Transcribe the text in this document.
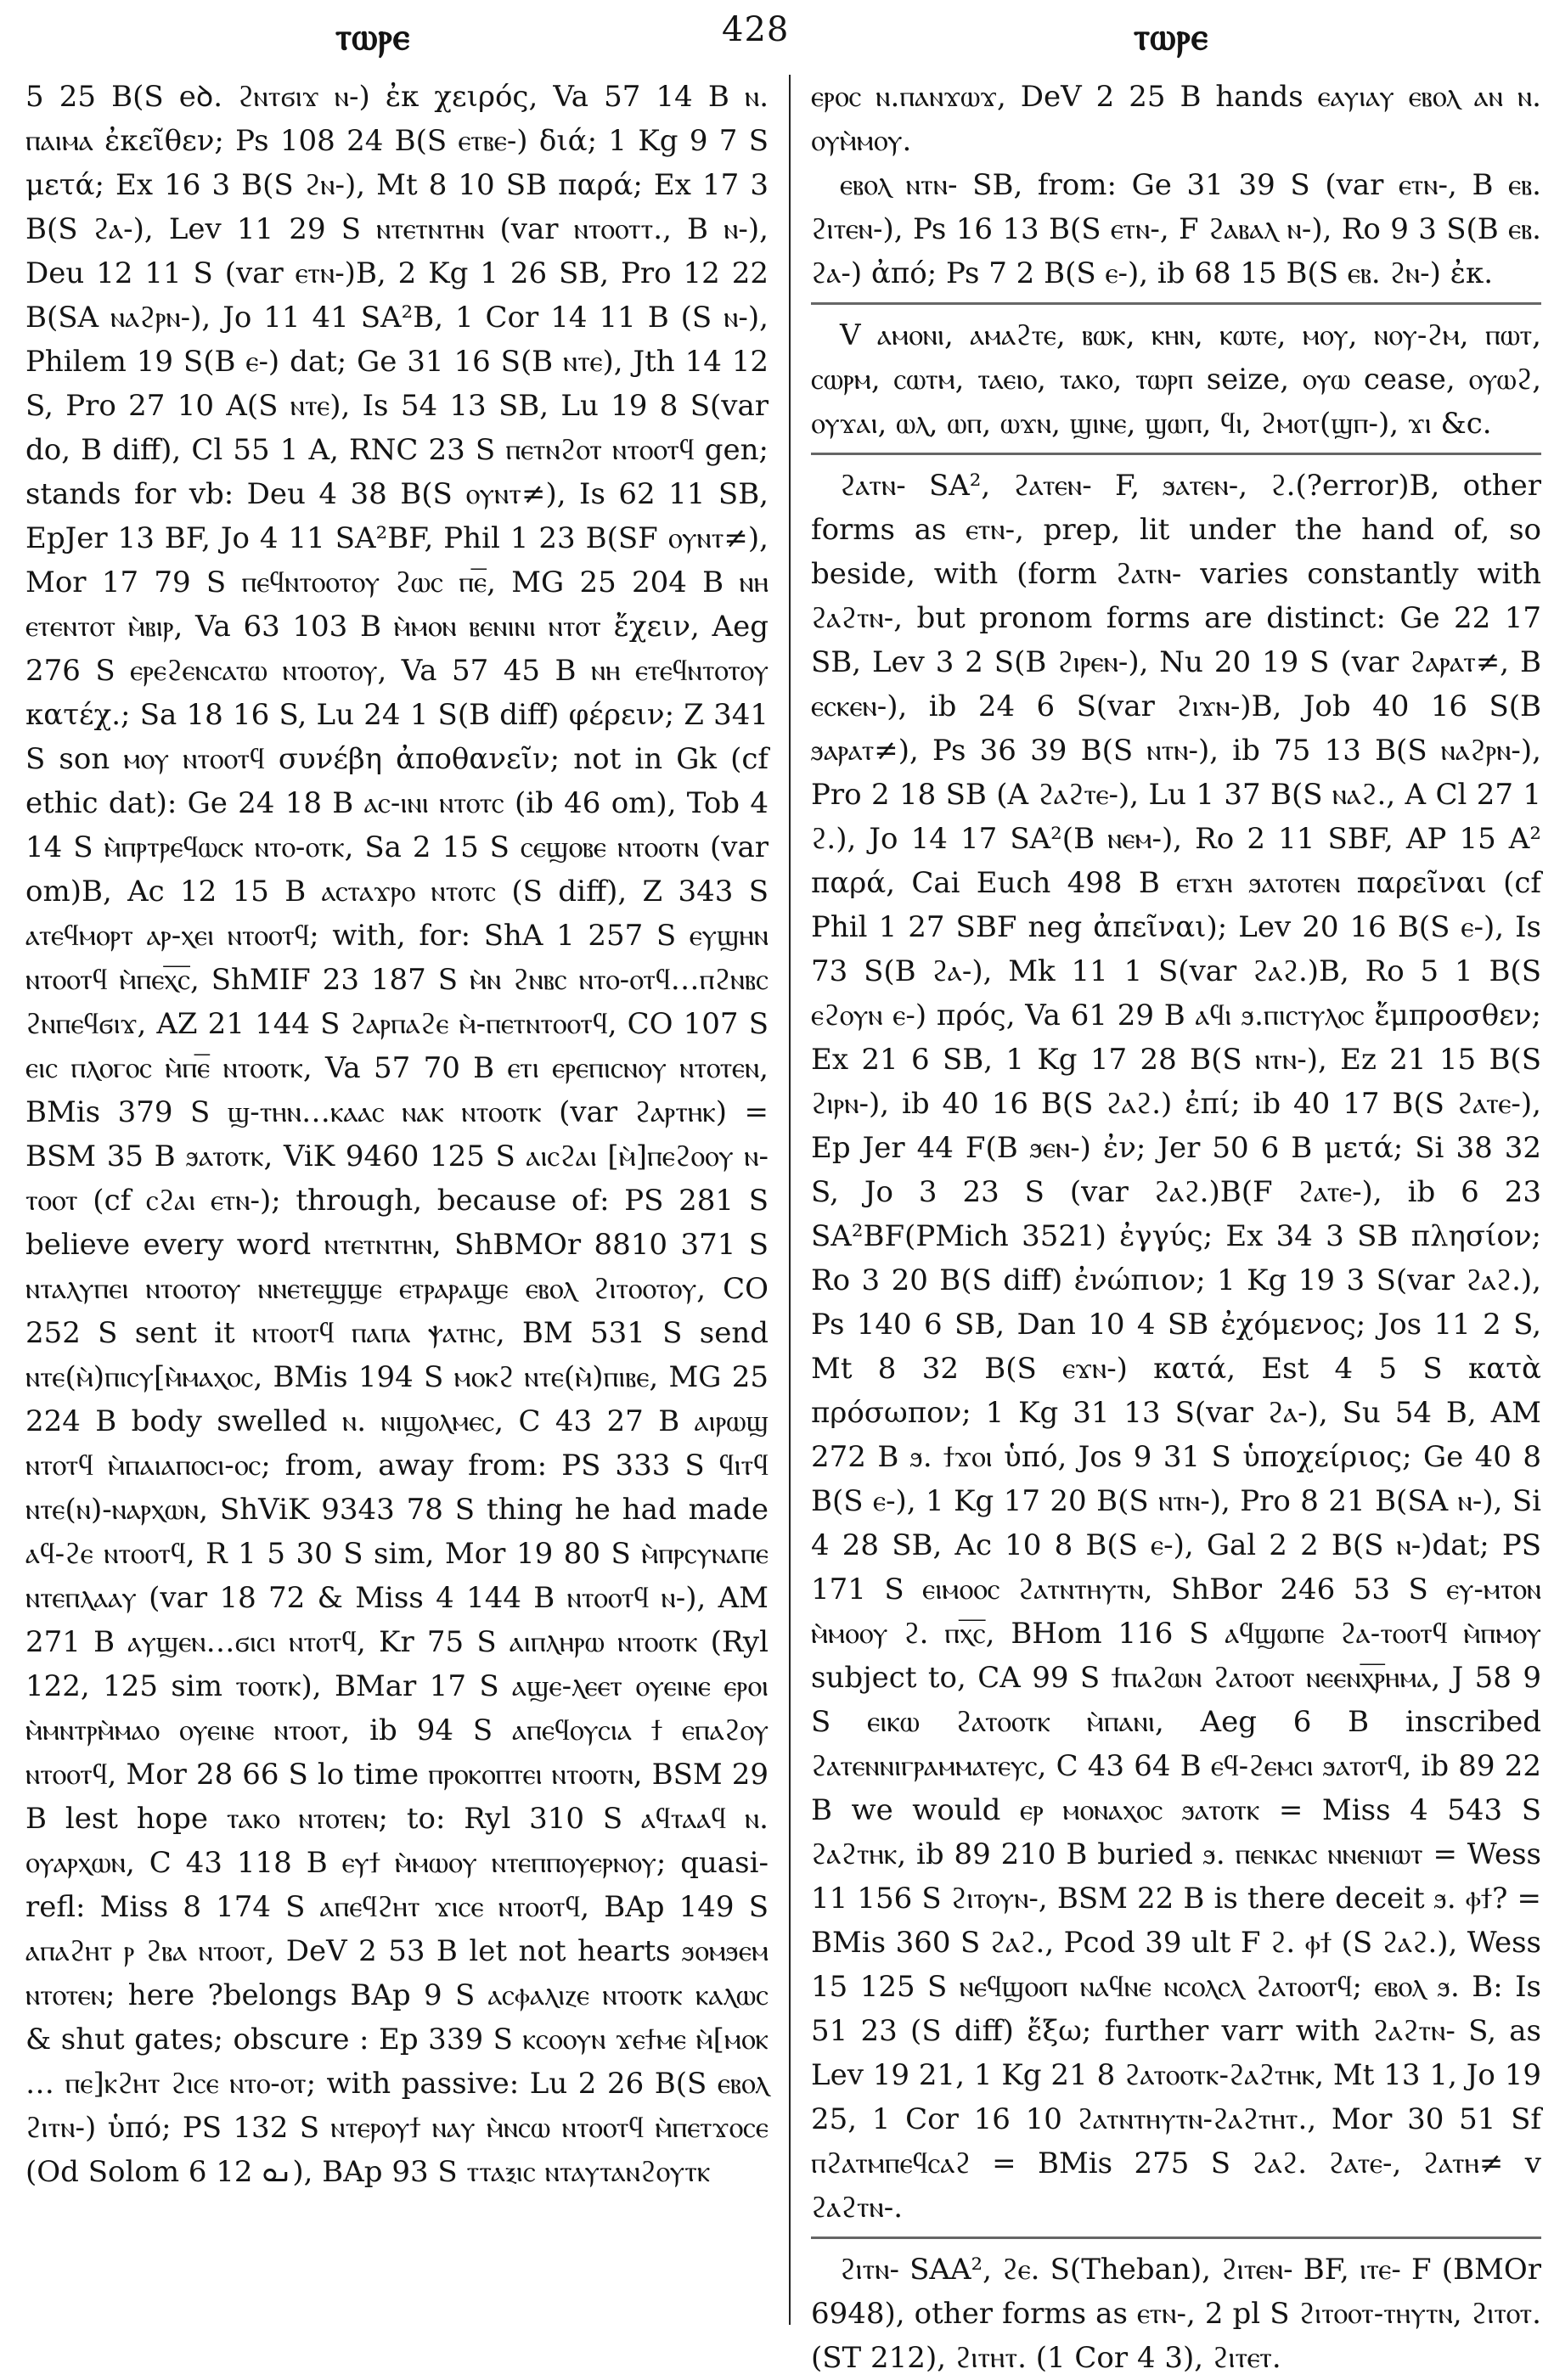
ⲧⲱⲣⲉ	428	ⲧⲱⲣⲉ

5 25 B(S eꝺ. ϩⲛⲧϭⲓϫ ⲛ-) ἐκ χειρός, Va 57 14 B ⲛ. ⲡⲁⲓⲙⲁ ἐκεῖθεν; Ps 108 24 B(S ⲉⲧⲃⲉ-) διά; 1 Kg 9 7 S μετά; Ex 16 3 B(S ϩⲛ-), Mt 8 10 SB παρά; Ex 17 3 B(S ϩⲁ-), Lev 11 29 S ⲛⲧⲉⲧⲛⲧⲏⲛ (var ⲛⲧⲟⲟⲧⲧ., B ⲛ-), Deu 12 11 S (var ⲉⲧⲛ-)B, 2 Kg 1 26 SB, Pro 12 22 B(SA ⲛⲁϩⲣⲛ-), Jo 11 41 SA²B, 1 Cor 14 11 B (S ⲛ-), Philem 19 S(B ⲉ-) dat; Ge 31 16 S(B ⲛⲧⲉ), Jth 14 12 S, Pro 27 10 A(S ⲛⲧⲉ), Is 54 13 SB, Lu 19 8 S(var do, B diff), Cl 55 1 A, RNC 23 S ⲡⲉⲧⲛϩⲟⲧ ⲛⲧⲟⲟⲧϥ gen; stands for vb: Deu 4 38 B(S ⲟⲩⲛⲧ≠), Is 62 11 SB, EpJer 13 BF, Jo 4 11 SA²BF, Phil 1 23 B(SF ⲟⲩⲛⲧ≠), Mor 17 79 S ⲡⲉϥⲛⲧⲟⲟⲧⲟⲩ ϩⲱⲥ ⲡⲉ̅, MG 25 204 B ⲛⲏ ⲉⲧⲉⲛⲧⲟⲧ ⲙ̀ⲃⲓⲣ, Va 63 103 B ⲙ̀ⲙⲟⲛ ⲃⲉⲛⲓⲛⲓ ⲛⲧⲟⲧ ἔχειν, Aeg 276 S ⲉⲣⲉϩⲉⲛⲥⲁⲧⲱ ⲛⲧⲟⲟⲧⲟⲩ, Va 57 45 B ⲛⲏ ⲉⲧⲉϥⲛⲧⲟⲧⲟⲩ κατέχ.; Sa 18 16 S, Lu 24 1 S(B diff) φέρειν; Z 341 S son ⲙⲟⲩ ⲛⲧⲟⲟⲧϥ συνέβη ἀποθανεῖν; not in Gk (cf ethic dat): Ge 24 18 B ⲁⲥ-ⲓⲛⲓ ⲛⲧⲟⲧⲥ (ib 46 om), Tob 4 14 S ⲙ̀ⲡⲣⲧⲣⲉϥⲱⲥⲕ ⲛⲧⲟ-ⲟⲧⲕ, Sa 2 15 S ⲥⲉϣⲟⲃⲉ ⲛⲧⲟⲟⲧⲛ (var om)B, Ac 12 15 B ⲁⲥⲧⲁϫⲣⲟ ⲛⲧⲟⲧⲥ (S diff), Z 343 S ⲁⲧⲉϥⲙⲟⲣⲧ ⲁⲣ-ⲭⲉⲓ ⲛⲧⲟⲟⲧϥ; with, for: ShA 1 257 S ⲉⲩϣⲏⲛ ⲛⲧⲟⲟⲧϥ ⲙ̀ⲡⲉⲭ̅ⲥ̅, ShMIF 23 187 S ⲙ̀ⲛ ϩⲛⲃⲥ ⲛⲧⲟ-ⲟⲧϥ…ⲡϩⲛⲃⲥ ϩⲛⲡⲉϥϭⲓϫ, AZ 21 144 S ϩⲁⲣⲡⲁϩⲉ ⲙ̀-ⲡⲉⲧⲛⲧⲟⲟⲧϥ, CO 107 S ⲉⲓⲥ ⲡⲗⲟⲅⲟⲥ ⲙ̀ⲡⲉ̅ ⲛⲧⲟⲟⲧⲕ, Va 57 70 B ⲉⲧⲓ ⲉⲣⲉⲡⲓⲥⲛⲟⲩ ⲛⲧⲟⲧⲉⲛ, BMis 379 S ϣ-ⲧⲏⲛ…ⲕⲁⲁⲥ ⲛⲁⲕ ⲛⲧⲟⲟⲧⲕ (var ϩⲁⲣⲧⲏⲕ) = BSM 35 B ϧⲁⲧⲟⲧⲕ, ViK 9460 125 S ⲁⲓⲥϩⲁⲓ [ⲙ̀]ⲡⲉϩⲟⲟⲩ ⲛ-ⲧⲟⲟⲧ (cf ⲥϩⲁⲓ ⲉⲧⲛ-); through, because of: PS 281 S believe every word ⲛⲧⲉⲧⲛⲧⲏⲛ, ShBMOr 8810 371 S ⲛⲧⲁⲗⲩⲡⲉⲓ ⲛⲧⲟⲟⲧⲟⲩ ⲛⲛⲉⲧⲉϣϣⲉ ⲉⲧⲣⲁⲣⲁϣⲉ ⲉⲃⲟⲗ ϩⲓⲧⲟⲟⲧⲟⲩ, CO 252 S sent it ⲛⲧⲟⲟⲧϥ ⲡⲁⲡⲁ ⲯⲁⲧⲏⲥ, BM 531 S send ⲛⲧⲉ(ⲙ̀)ⲡⲓⲥⲩ[ⲙ̀ⲙⲁⲭⲟⲥ, BMis 194 S ⲙⲟⲕϩ ⲛⲧⲉ(ⲙ̀)ⲡⲓⲃⲉ, MG 25 224 B body swelled ⲛ. ⲛⲓϣⲟⲗⲙⲉⲥ, C 43 27 B ⲁⲓⲣⲱϣ ⲛⲧⲟⲧϥ ⲙ̀ⲡⲁⲓⲁⲡⲟⲥⲓ-ⲟⲥ; from, away from: PS 333 S ϥⲓⲧϥ ⲛⲧⲉ(ⲛ)-ⲛⲁⲣⲭⲱⲛ, ShViK 9343 78 S thing he had made ⲁϥ-ϩⲉ ⲛⲧⲟⲟⲧϥ, R 1 5 30 S sim, Mor 19 80 S ⲙ̀ⲡⲣⲥⲩⲛⲁⲡⲉ ⲛⲧⲉⲡⲗⲁⲁⲩ (var 18 72 & Miss 4 144 B ⲛⲧⲟⲟⲧϥ ⲛ-), AM 271 B ⲁⲩϣⲉⲛ…ϭⲓⲥⲓ ⲛⲧⲟⲧϥ, Kr 75 S ⲁⲓⲡⲗⲏⲣⲱ ⲛⲧⲟⲟⲧⲕ (Ryl 122, 125 sim ⲧⲟⲟⲧⲕ), BMar 17 S ⲁϣⲉ-ⲗⲉⲉⲧ ⲟⲩⲉⲓⲛⲉ ⲉⲣⲟⲓ ⲙ̀ⲙⲛⲧⲣⲙ̀ⲙⲁⲟ ⲟⲩⲉⲓⲛⲉ ⲛⲧⲟⲟⲧ, ib 94 S ⲁⲡⲉϥⲟⲩⲥⲓⲁ ϯ ⲉⲡⲁϩⲟⲩ ⲛⲧⲟⲟⲧϥ, Mor 28 66 S lo time ⲡⲣⲟⲕⲟⲡⲧⲉⲓ ⲛⲧⲟⲟⲧⲛ, BSM 29 B lest hope ⲧⲁⲕⲟ ⲛⲧⲟⲧⲉⲛ; to: Ryl 310 S ⲁϥⲧⲁⲁϥ ⲛ. ⲟⲩⲁⲣⲭⲱⲛ, C 43 118 B ⲉⲩϯ ⲙ̀ⲙⲱⲟⲩ ⲛⲧⲉⲡⲡⲟⲩⲉⲣⲛⲟⲩ; quasi-refl: Miss 8 174 S ⲁⲡⲉϥϩⲏⲧ ϫⲓⲥⲉ ⲛⲧⲟⲟⲧϥ, BAp 149 S ⲁⲡⲁϩⲏⲧ ⲣ ϩⲃⲁ ⲛⲧⲟⲟⲧ, DeV 2 53 B let not hearts ϧⲟⲙϧⲉⲙ ⲛⲧⲟⲧⲉⲛ; here ?belongs BAp 9 S ⲁⲥⲫⲁⲗⲓⲍⲉ ⲛⲧⲟⲟⲧⲕ ⲕⲁⲗⲱⲥ & shut gates; obscure : Ep 339 S ⲕⲥⲟⲟⲩⲛ ϫⲉϯⲙⲉ ⲙ̀[ⲙⲟⲕ … ⲡⲉ]ⲕϩⲏⲧ ϩⲓⲥⲉ ⲛⲧⲟ-ⲟⲧ; with passive: Lu 2 26 B(S ⲉⲃⲟⲗ ϩⲓⲧⲛ-) ὑπό; PS 132 S ⲛⲧⲉⲣⲟⲩϯ ⲛⲁⲩ ⲙ̀ⲛⲥⲱ ⲛⲧⲟⲟⲧϥ ⲙ̀ⲡⲉⲧϫⲟⲥⲉ (Od Solom 6 12 ܢܘ), BAp 93 S ⲧⲧⲁⲝⲓⲥ ⲛⲧⲁⲩⲧⲁⲛϩⲟⲩⲧⲕ

ⲉⲣⲟⲥ ⲛ.ⲡⲁⲛϫⲱϫ, DeV 2 25 B hands ⲉⲁⲩⲓⲁⲩ ⲉⲃⲟⲗ ⲁⲛ ⲛ. ⲟⲩⲙ̀ⲙⲟⲩ.

ⲉⲃⲟⲗ ⲛⲧⲛ- SB, from: Ge 31 39 S (var ⲉⲧⲛ-, B ⲉⲃ. ϩⲓⲧⲉⲛ-), Ps 16 13 B(S ⲉⲧⲛ-, F ϩⲁⲃⲁⲗ ⲛ-), Ro 9 3 S(B ⲉⲃ. ϩⲁ-) ἀπό; Ps 7 2 B(S ⲉ-), ib 68 15 B(S ⲉⲃ. ϩⲛ-) ἐκ.

V ⲁⲙⲟⲛⲓ, ⲁⲙⲁϩⲧⲉ, ⲃⲱⲕ, ⲕⲏⲛ, ⲕⲱⲧⲉ, ⲙⲟⲩ, ⲛⲟⲩ-ϩⲙ, ⲡⲱⲧ, ⲥⲱⲣⲙ, ⲥⲱⲧⲙ, ⲧⲁⲉⲓⲟ, ⲧⲁⲕⲟ, ⲧⲱⲣⲡ seize, ⲟⲩⲱ cease, ⲟⲩⲱϩ, ⲟⲩϫⲁⲓ, ⲱⲗ, ⲱⲡ, ⲱϫⲛ, ϣⲓⲛⲉ, ϣⲱⲡ, ϥⲓ, ϩⲙⲟⲧ(ϣⲡ-), ϫⲓ &c.

ϩⲁⲧⲛ- SA², ϩⲁⲧⲉⲛ- F, ϧⲁⲧⲉⲛ-, ϩ.(?error)B, other forms as ⲉⲧⲛ-, prep, lit under the hand of, so beside, with (form ϩⲁⲧⲛ- varies constantly with ϩⲁϩⲧⲛ-, but pronom forms are distinct: Ge 22 17 SB, Lev 3 2 S(B ϩⲓⲣⲉⲛ-), Nu 20 19 S (var ϩⲁⲣⲁⲧ≠, B ⲉⲥⲕⲉⲛ-), ib 24 6 S(var ϩⲓϫⲛ-)B, Job 40 16 S(B ϧⲁⲣⲁⲧ≠), Ps 36 39 B(S ⲛⲧⲛ-), ib 75 13 B(S ⲛⲁϩⲣⲛ-), Pro 2 18 SB (A ϩⲁϩⲧⲉ-), Lu 1 37 B(S ⲛⲁϩ., A Cl 27 1 ϩ.), Jo 14 17 SA²(B ⲛⲉⲙ-), Ro 2 11 SBF, AP 15 A² παρά, Cai Euch 498 B ⲉⲧϫⲏ ϧⲁⲧⲟⲧⲉⲛ παρεῖναι (cf Phil 1 27 SBF neg ἀπεῖναι); Lev 20 16 B(S ⲉ-), Is 73 S(B ϩⲁ-), Mk 11 1 S(var ϩⲁϩ.)B, Ro 5 1 B(S ⲉϩⲟⲩⲛ ⲉ-) πρός, Va 61 29 B ⲁϥⲓ ϧ.ⲡⲓⲥⲧⲩⲗⲟⲥ ἔμπροσθεν; Ex 21 6 SB, 1 Kg 17 28 B(S ⲛⲧⲛ-), Ez 21 15 B(S ϩⲓⲣⲛ-), ib 40 16 B(S ϩⲁϩ.) ἐπί; ib 40 17 B(S ϩⲁⲧⲉ-), Ep Jer 44 F(B ϧⲉⲛ-) ἐν; Jer 50 6 B μετά; Si 38 32 S, Jo 3 23 S (var ϩⲁϩ.)B(F ϩⲁⲧⲉ-), ib 6 23 SA²BF(PMich 3521) ἐγγύς; Ex 34 3 SB πλησίον; Ro 3 20 B(S diff) ἐνώπιον; 1 Kg 19 3 S(var ϩⲁϩ.), Ps 140 6 SB, Dan 10 4 SB ἐχόμενος; Jos 11 2 S, Mt 8 32 B(S ⲉϫⲛ-) κατά, Est 4 5 S κατὰ πρόσωπον; 1 Kg 31 13 S(var ϩⲁ-), Su 54 B, AM 272 B ϧ. ϯϫⲟⲓ ὑπό, Jos 9 31 S ὑποχείριος; Ge 40 8 B(S ⲉ-), 1 Kg 17 20 B(S ⲛⲧⲛ-), Pro 8 21 B(SA ⲛ-), Si 4 28 SB, Ac 10 8 B(S ⲉ-), Gal 2 2 B(S ⲛ-)dat; PS 171 S ⲉⲓⲙⲟⲟⲥ ϩⲁⲧⲛⲧⲏⲩⲧⲛ, ShBor 246 53 S ⲉⲩ-ⲙⲧⲟⲛ ⲙ̀ⲙⲟⲟⲩ ϩ. ⲡⲭ̅ⲥ̅, BHom 116 S ⲁϥϣⲱⲡⲉ ϩⲁ-ⲧⲟⲟⲧϥ ⲙ̀ⲡⲙⲟⲩ subject to, CA 99 S ϯⲡⲁϩⲱⲛ ϩⲁⲧⲟⲟⲧ ⲛⲉⲉⲛⲭ̅ⲣ̅ⲏⲙⲁ, J 58 9 S ⲉⲓⲕⲱ ϩⲁⲧⲟⲟⲧⲕ ⲙ̀ⲡⲁⲛⲓ, Aeg 6 B inscribed ϩⲁⲧⲉⲛⲛⲓⲅⲣⲁⲙⲙⲁⲧⲉⲩⲥ, C 43 64 B ⲉϥ-ϩⲉⲙⲥⲓ ϧⲁⲧⲟⲧϥ, ib 89 22 B we would ⲉⲣ ⲙⲟⲛⲁⲭⲟⲥ ϧⲁⲧⲟⲧⲕ = Miss 4 543 S ϩⲁϩⲧⲏⲕ, ib 89 210 B buried ϧ. ⲡⲉⲛⲕⲁⲥ ⲛⲛⲉⲛⲓⲱⲧ = Wess 11 156 S ϩⲓⲧⲟⲩⲛ-, BSM 22 B is there deceit ϧ. ⲫϯ? = BMis 360 S ϩⲁϩ., Pcod 39 ult F ϩ. ⲫϯ (S ϩⲁϩ.), Wess 15 125 S ⲛⲉϥϣⲟⲟⲡ ⲛⲁϥⲛⲉ ⲛⲥⲟⲗⲥⲗ ϩⲁⲧⲟⲟⲧϥ; ⲉⲃⲟⲗ ϧ. B: Is 51 23 (S diff) ἔξω; further varr with ϩⲁϩⲧⲛ- S, as Lev 19 21, 1 Kg 21 8 ϩⲁⲧⲟⲟⲧⲕ-ϩⲁϩⲧⲏⲕ, Mt 13 1, Jo 19 25, 1 Cor 16 10 ϩⲁⲧⲛⲧⲏⲩⲧⲛ-ϩⲁϩⲧⲏⲧ., Mor 30 51 Sf ⲡϩⲁⲧⲙⲡⲉϥⲥⲁϩ = BMis 275 S ϩⲁϩ. ϩⲁⲧⲉ-, ϩⲁⲧⲏ≠ v ϩⲁϩⲧⲛ-.

ϩⲓⲧⲛ- SAA², ϩⲉ. S(Theban), ϩⲓⲧⲉⲛ- BF, ⲓⲧⲉ- F (BMOr 6948), other forms as ⲉⲧⲛ-, 2 pl S ϩⲓⲧⲟⲟⲧ-ⲧⲏⲩⲧⲛ, ϩⲓⲧⲟⲧ. (ST 212), ϩⲓⲧⲏⲧ. (1 Cor 4 3), ϩⲓⲧⲉⲧ.
